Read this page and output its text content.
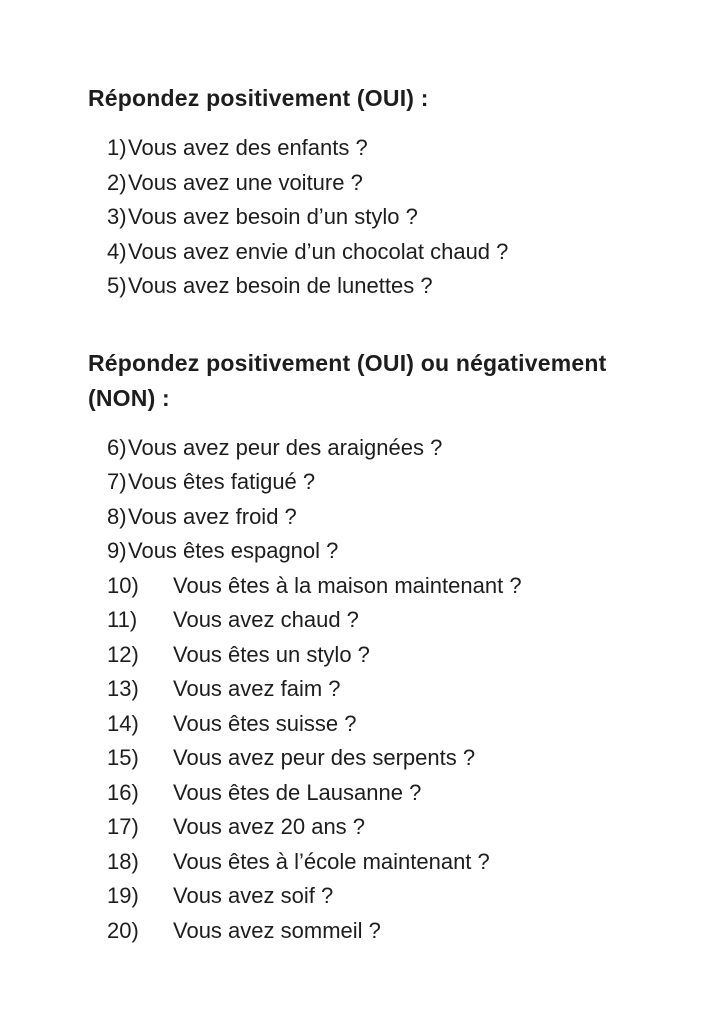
Répondez positivement (OUI) :
1) Vous avez des enfants ?
2) Vous avez une voiture ?
3) Vous avez besoin d’un stylo ?
4) Vous avez envie d’un chocolat chaud ?
5) Vous avez besoin de lunettes ?
Répondez positivement (OUI) ou négativement
(NON) :
6) Vous avez peur des araignées ?
7) Vous êtes fatigué ?
8) Vous avez froid ?
9) Vous êtes espagnol ?
10)	Vous êtes à la maison maintenant ?
11)	Vous avez chaud ?
12)	Vous êtes un stylo ?
13)	Vous avez faim ?
14)	Vous êtes suisse ?
15)	Vous avez peur des serpents ?
16)	Vous êtes de Lausanne ?
17)	Vous avez 20 ans ?
18)	Vous êtes à l’école maintenant ?
19)	Vous avez soif ?
20)	Vous avez sommeil ?
